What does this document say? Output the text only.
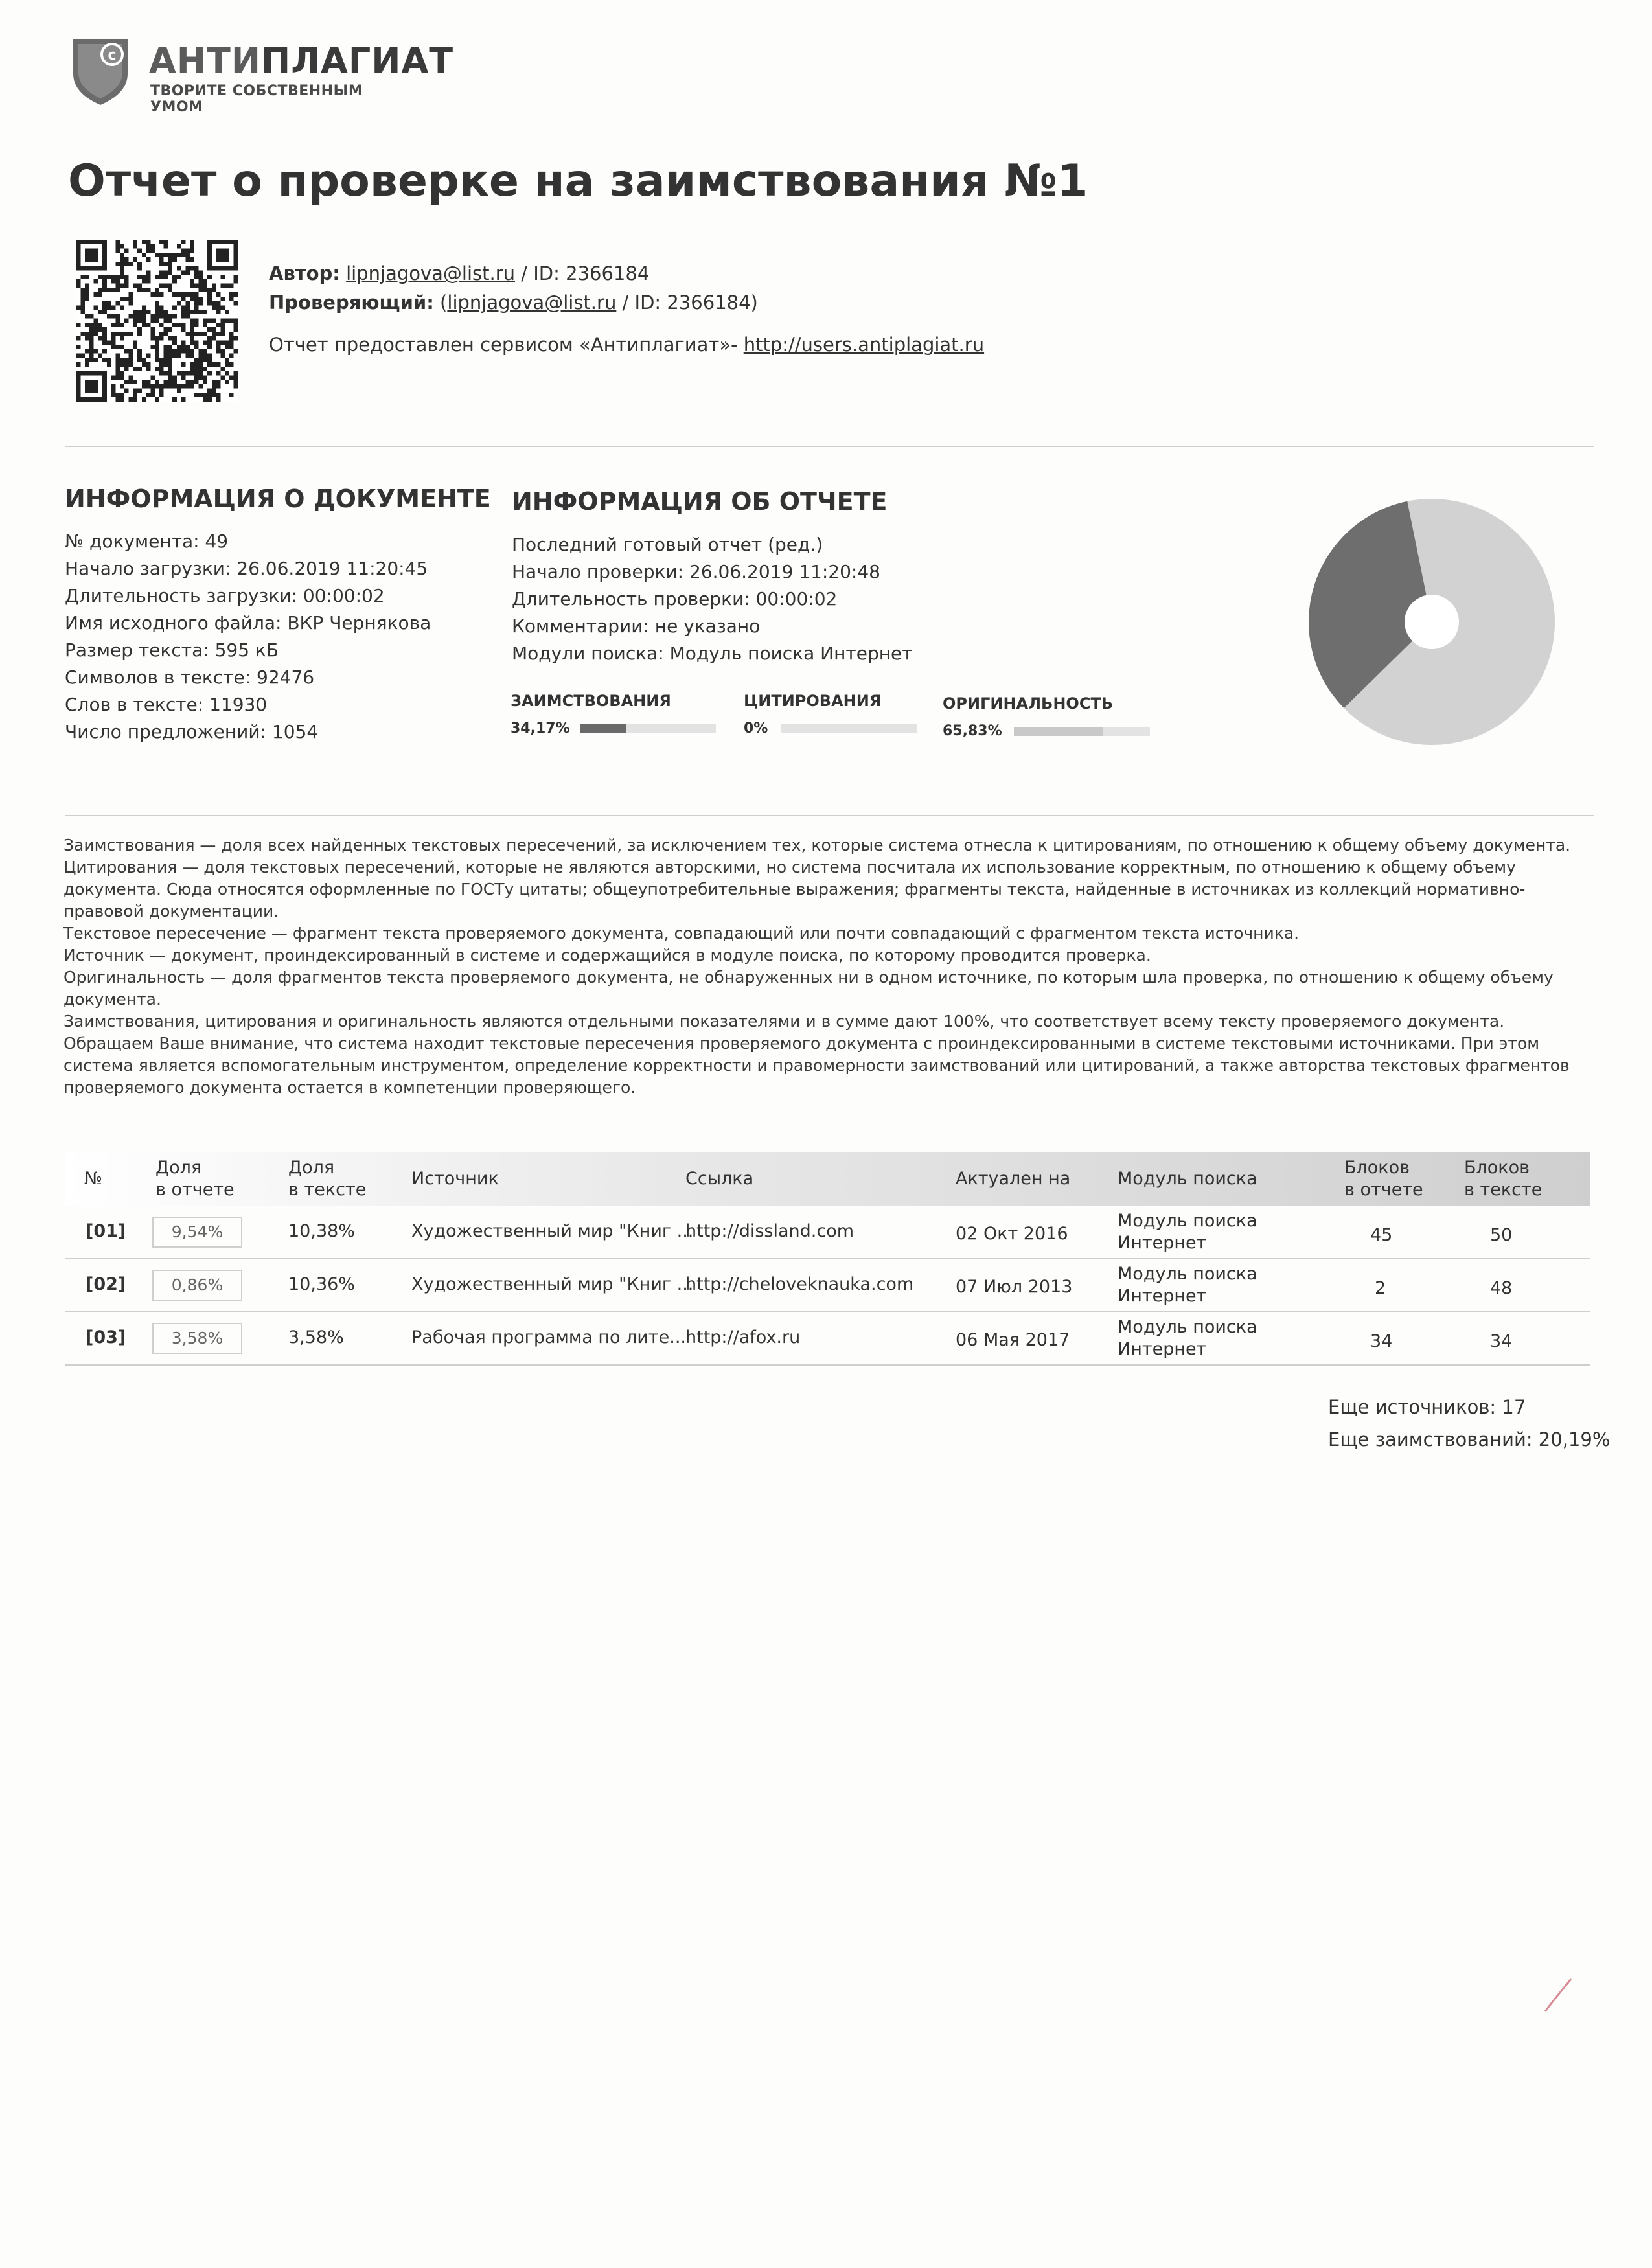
c АНТИПЛАГИАТ
ТВОРИТЕ СОБСТВЕННЫМ УМОМ
Отчет о проверке на заимствования №1
Автор: lipnjagova@list.ru / ID: 2366184
Проверяющий: (lipnjagova@list.ru / ID: 2366184)
Отчет предоставлен сервисом «Антиплагиат»- http://users.antiplagiat.ru
ИНФОРМАЦИЯ О ДОКУМЕНТЕ
№ документа: 49
Начало загрузки: 26.06.2019 11:20:45
Длительность загрузки: 00:00:02
Имя исходного файла: ВКР Чернякова
Размер текста: 595 кБ
Символов в тексте: 92476
Слов в тексте: 11930
Число предложений: 1054
ИНФОРМАЦИЯ ОБ ОТЧЕТЕ
Последний готовый отчет (ред.)
Начало проверки: 26.06.2019 11:20:48
Длительность проверки: 00:00:02
Комментарии: не указано
Модули поиска: Модуль поиска Интернет
ЗАИМСТВОВАНИЯ
34,17%
ЦИТИРОВАНИЯ
0%
ОРИГИНАЛЬНОСТЬ
65,83%

Заимствования — доля всех найденных текстовых пересечений, за исключением тех, которые система отнесла к цитированиям, по отношению к общему объему документа.

Цитирования — доля текстовых пересечений, которые не являются авторскими, но система посчитала их использование корректным, по отношению к общему объему документа. Сюда относятся оформленные по ГОСТу цитаты; общеупотребительные выражения; фрагменты текста, найденные в источниках из коллекций нормативно-правовой документации.

Текстовое пересечение — фрагмент текста проверяемого документа, совпадающий или почти совпадающий с фрагментом текста источника.

Источник — документ, проиндексированный в системе и содержащийся в модуле поиска, по которому проводится проверка.

Оригинальность — доля фрагментов текста проверяемого документа, не обнаруженных ни в одном источнике, по которым шла проверка, по отношению к общему объему документа.

Заимствования, цитирования и оригинальность являются отдельными показателями и в сумме дают 100%, что соответствует всему тексту проверяемого документа.

Обращаем Ваше внимание, что система находит текстовые пересечения проверяемого документа с проиндексированными в системе текстовыми источниками. При этом система является вспомогательным инструментом, определение корректности и правомерности заимствований или цитирований, а также авторства текстовых фрагментов проверяемого документа остается в компетенции проверяющего.

№
Доля
в отчете
Доля
в тексте
Источник	Ссылка	Актуален на	Модуль поиска
Блоков
в отчете
Блоков
в тексте
[01]	9,54%	10,38%	Художественный мир "Книг ...
http://dissland.com	02 Окт 2016
Модуль поиска
Интернет	45	50
[02]	0,86%	10,36%	Художественный мир "Книг ...
http://cheloveknauka.com 07 Июл 2013
Модуль поиска
Интернет	2	48
[03]	3,58%	3,58%	Рабочая программа по лите...
http://afox.ru	06 Мая 2017
Модуль поиска
Интернет	34	34
Еще источников: 17
Еще заимствований: 20,19%
